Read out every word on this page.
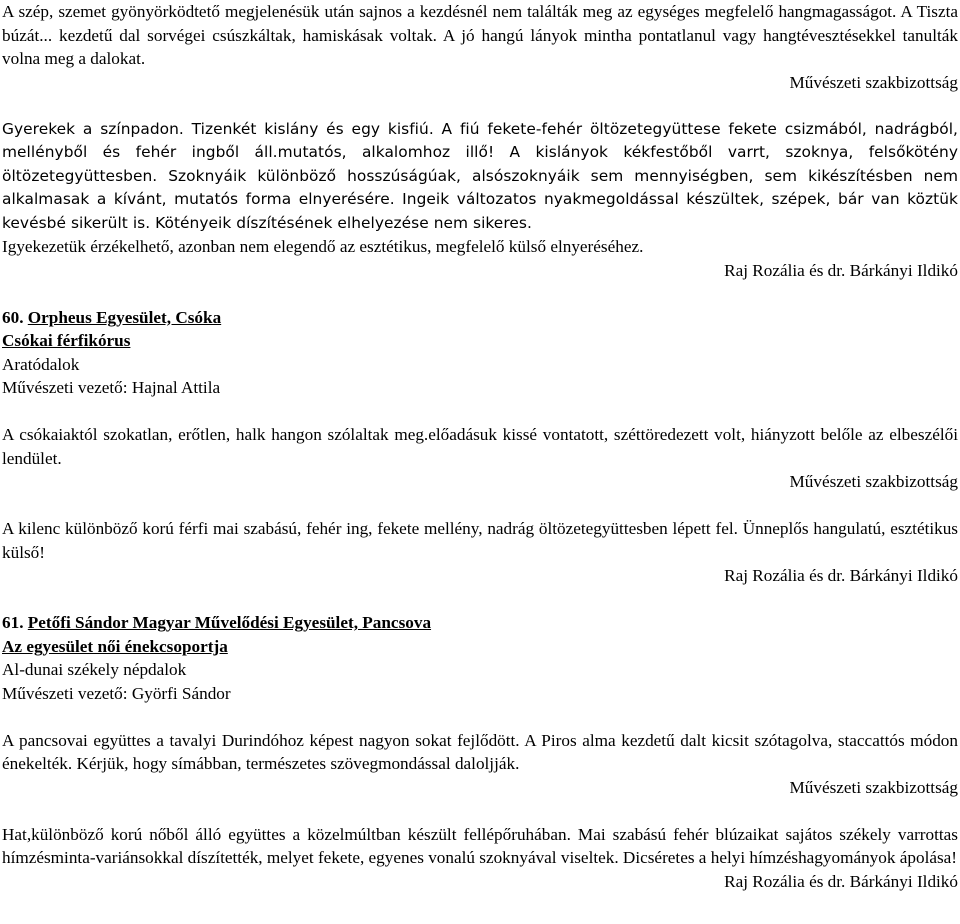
A szép, szemet gyönyörködtető megjelenésük után sajnos a kezdésnél nem találták meg az egységes megfelelő hangmagasságot. A Tiszta búzát... kezdetű dal sorvégei csúszkáltak, hamiskásak voltak. A jó hangú lányok mintha pontatlanul vagy hangtévesztésekkel tanulták volna meg a dalokat.

Művészeti szakbizottság

Gyerekek a színpadon. Tizenkét kislány és egy kisfiú. A fiú fekete-fehér öltözetegyüttese fekete csizmából, nadrágból, mellényből és fehér ingből áll.mutatós, alkalomhoz illő! A kislányok kékfestőből varrt, szoknya, felsőkötény öltözetegyüttesben. Szoknyáik különböző hosszúságúak, alsószoknyáik sem mennyiségben, sem kikészítésben nem alkalmasak a kívánt, mutatós forma elnyerésére. Ingeik változatos nyakmegoldással készültek, szépek, bár van köztük kevésbé sikerült is. Kötényeik díszítésének elhelyezése nem sikeres.

Igyekezetük érzékelhető, azonban nem elegendő az esztétikus, megfelelő külső elnyeréséhez.

Raj Rozália és dr. Bárkányi Ildikó

60. Orpheus Egyesület, Csóka

Csókai férfikórus

Aratódalok

Művészeti vezető: Hajnal Attila

A csókaiaktól szokatlan, erőtlen, halk hangon szólaltak meg.előadásuk kissé vontatott, széttöredezett volt, hiányzott belőle az elbeszélői lendület.

Művészeti szakbizottság

A kilenc különböző korú férfi mai szabású, fehér ing, fekete mellény, nadrág öltözetegyüttesben lépett fel. Ünneplős hangulatú, esztétikus külső!

Raj Rozália és dr. Bárkányi Ildikó

61. Petőfi Sándor Magyar Művelődési Egyesület, Pancsova

Az egyesület női énekcsoportja

Al-dunai székely népdalok

Művészeti vezető: Györfi Sándor

A pancsovai együttes a tavalyi Durindóhoz képest nagyon sokat fejlődött. A Piros alma kezdetű dalt kicsit szótagolva, staccattós módon énekelték. Kérjük, hogy símábban, természetes szövegmondással daloljják.

Művészeti szakbizottság

Hat,különböző korú nőből álló együttes a közelmúltban készült fellépőruhában. Mai szabású fehér blúzaikat sajátos székely varrottas hímzésminta-variánsokkal díszítették, melyet fekete, egyenes vonalú szoknyával viseltek. Dicséretes a helyi hímzéshagyományok ápolása!

Raj Rozália és dr. Bárkányi Ildikó
